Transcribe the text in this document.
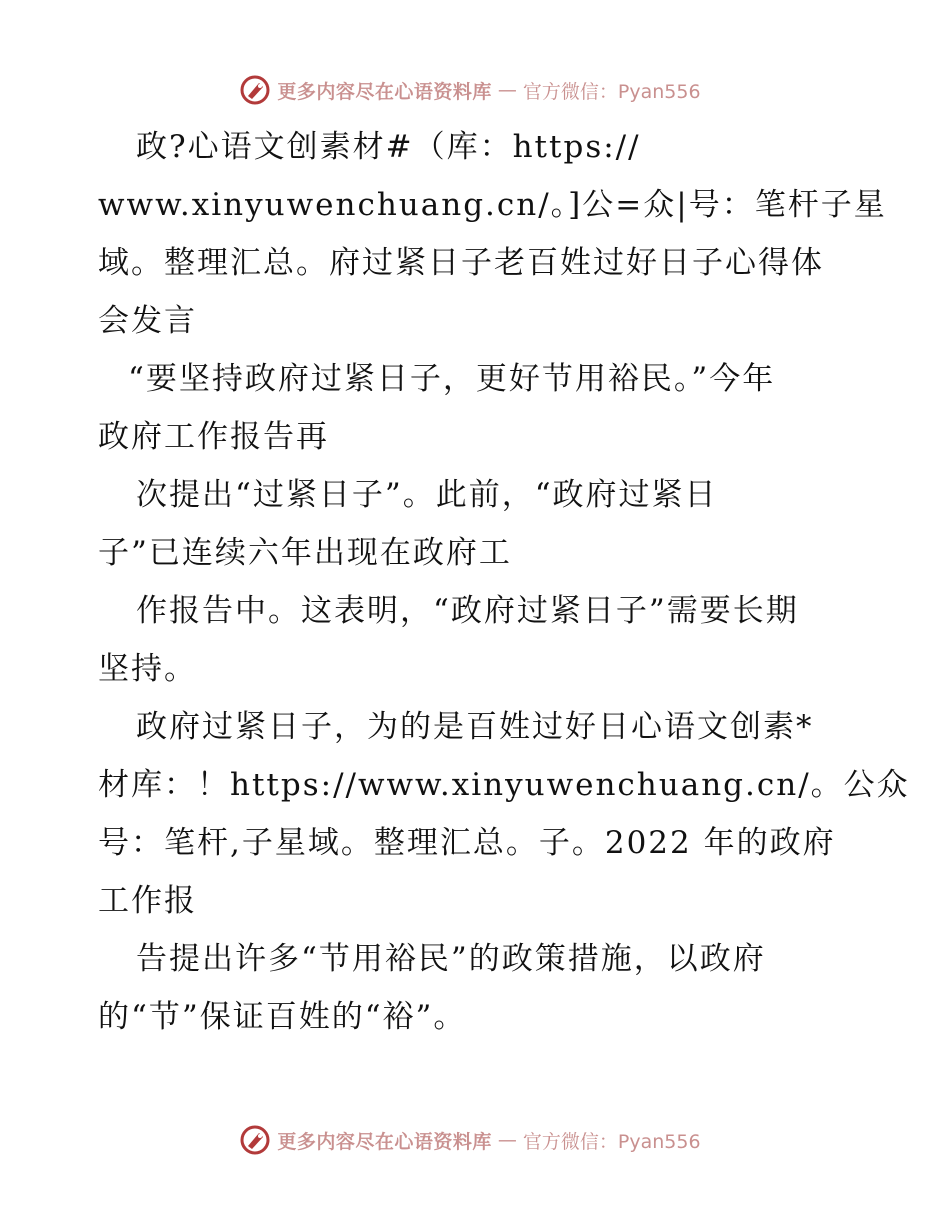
更多内容尽在心语资料库 — 官方微信：Pyan556
政?心语文创素材#（库：https://
www.xinyuwenchuang.cn/。]公=众|号：笔杆子星
域。整理汇总。府过紧日子老百姓过好日子心得体
会发言
“要坚持政府过紧日子，更好节用裕民。”今年
政府工作报告再
次提出“过紧日子”。此前，“政府过紧日
子”已连续六年出现在政府工
作报告中。这表明，“政府过紧日子”需要长期
坚持。
政府过紧日子，为的是百姓过好日心语文创素*
材库：！https://www.xinyuwenchuang.cn/。公众
号：笔杆,子星域。整理汇总。子。2022 年的政府
工作报
告提出许多“节用裕民”的政策措施，以政府
的“节”保证百姓的“裕”。
更多内容尽在心语资料库 — 官方微信：Pyan556
